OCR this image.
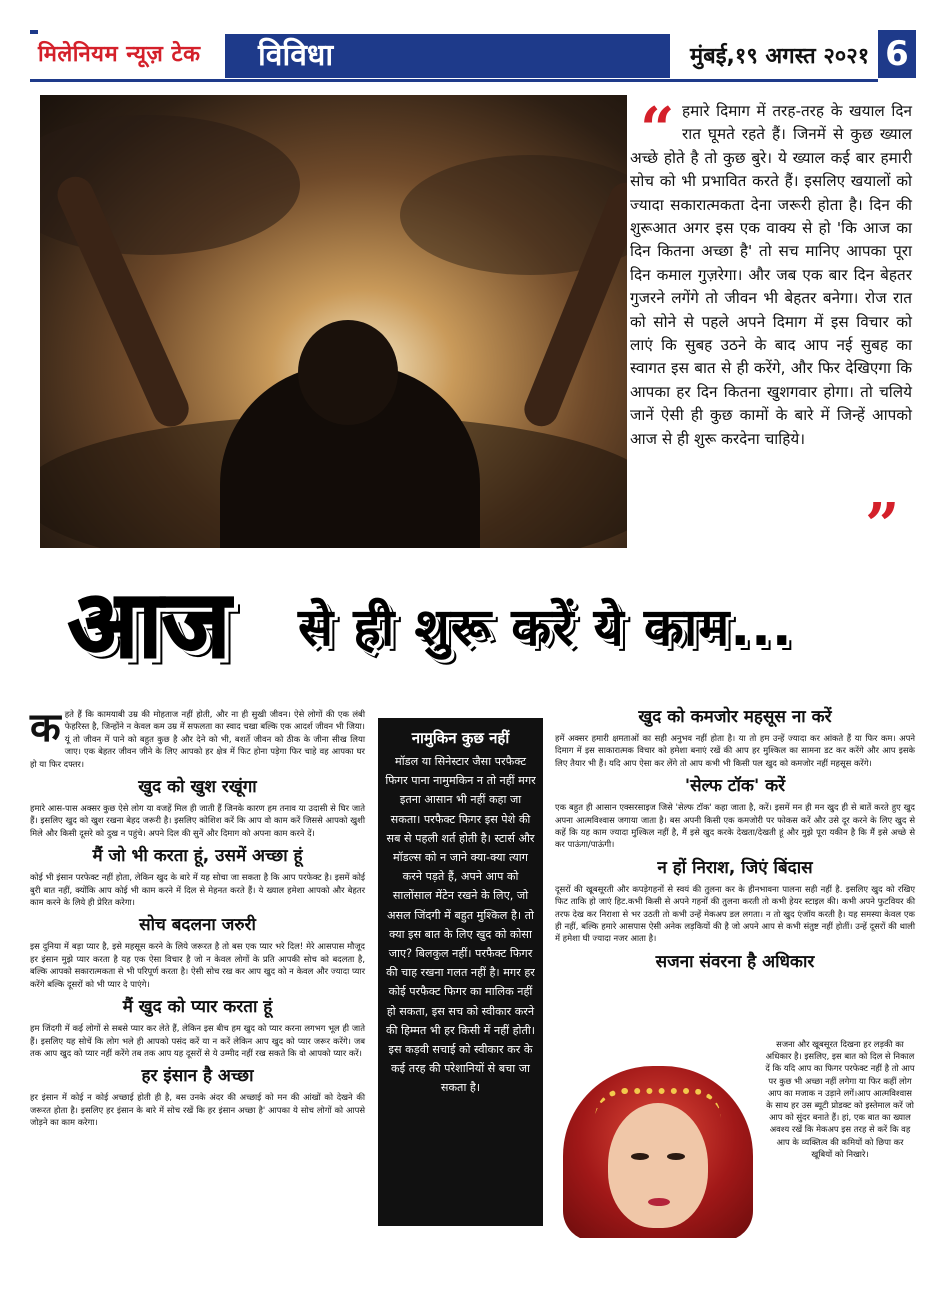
मिलेनियम न्यूज़ टेक विविधा	मुंबई,१९ अगस्त २०२१ 6

हमारे दिमाग में तरह-तरह के खयाल दिन रात घूमते रहते हैं। जिनमें से कुछ ख्याल अच्छे होते है तो कुछ बुरे। ये ख्याल कई बार हमारी सोच को भी प्रभावित करते हैं। इसलिए खयालों को ज्यादा सकारात्मकता देना जरूरी होता है। दिन की शुरूआत अगर इस एक वाक्य से हो 'कि आज का दिन कितना अच्छा है' तो सच मानिए आपका पूरा दिन कमाल गुज़रेगा। और जब एक बार दिन बेहतर गुजरने लगेंगे तो जीवन भी बेहतर बनेगा। रोज रात को सोने से पहले अपने दिमाग में इस विचार को लाएं कि सुबह उठने के बाद आप नई सुबह का स्वागत इस बात से ही करेंगे, और फिर देखिएगा कि आपका हर दिन कितना खुशगवार होगा। तो चलिये जानें ऐसी ही कुछ कामों के बारे में जिन्हें आपको आज से ही शुरू करदेना चाहिये।

“
”
आज से ही शुरू करें ये काम...

कहते हैं कि कामयाबी उम्र की मोहताज नहीं होती, और ना ही सुखी जीवन। ऐसे लोगों की एक लंबी फेहरिस्त है, जिन्होंने न केवल कम उम्र में सफलता का स्वाद चखा बल्कि एक आदर्श जीवन भी जिया। यूं तो जीवन में पाने को बहुत कुछ है और देने को भी, बशर्ते जीवन को ठीक के जीना सीख लिया जाए। एक बेहतर जीवन जीने के लिए आपको हर क्षेत्र में फिट होना पड़ेगा फिर चाहे वह आपका घर हो या फिर दफ्तर।

खुद को खुश रखूंगा

हमारे आस-पास अक्सर कुछ ऐसे लोग या वजहें मिल ही जाती हैं जिनके कारण हम तनाव या उदासी से घिर जाते हैं। इसलिए खुद को खुश रखना बेहद जरूरी है। इसलिए कोशिश करें कि आप वो काम करें जिससे आपको खुशी मिले और किसी दूसरे को दुख न पहुंचे। अपने दिल की सुनें और दिमाग को अपना काम करने दें।

मैं जो भी करता हूं, उसमें अच्छा हूं

कोई भी इंसान परफेक्ट नहीं होता, लेकिन खुद के बारे में यह सोचा जा सकता है कि आप परफेक्ट है। इसमें कोई बुरी बात नहीं, क्योंकि आप कोई भी काम करने में दिल से मेहनत करते हैं। ये ख्याल हमेशा आपको और बेहतर काम करने के लिये ही प्रेरित करेगा।

सोच बदलना जरुरी

इस दुनिया में बड़ा प्यार है, इसे महसूस करने के लिये जरूरत है तो बस एक प्यार भरे दिल! मेरे आसपास मौजूद हर इंसान मुझे प्यार करता है यह एक ऐसा विचार है जो न केवल लोगों के प्रति आपकी सोच को बदलता है, बल्कि आपको सकारात्मकता से भी परिपूर्ण करता है। ऐसी सोच रख कर आप खुद को न केवल और ज्यादा प्यार करेंगे बल्कि दूसरों को भी प्यार दे पाएंगे।

मैं खुद को प्यार करता हूं

हम जिंदगी में कई लोगों से सबसे प्यार कर लेते हैं, लेकिन इस बीच हम खुद को प्यार करना लगभग भूल ही जाते हैं। इसलिए यह सोचें कि लोग भले ही आपको पसंद करें या न करें लेकिन आप खुद को प्यार जरूर करेंगे। जब तक आप खुद को प्यार नहीं करेंगे तब तक आप यह दूसरों से ये उम्मीद नहीं रख सकते कि वो आपको प्यार करें।

हर इंसान है अच्छा

हर इंसान में कोई न कोई अच्छाई होती ही है, बस उनके अंदर की अच्छाई को मन की आंखों को देखने की जरूरत होता है। इसलिए हर इंसान के बारे में सोच रखें कि हर इंसान अच्छा है' आपका ये सोच लोगों को आपसे जोड़ने का काम करेगा।

नामुकिन कुछ नहीं

मॉडल या सिनेस्टार जैसा परफैक्ट फिगर पाना नामुमकिन न तो नहीं मगर इतना आसान भी नहीं कहा जा सकता। परफैक्ट फिगर इस पेशे की सब से पहली शर्त होती है। स्टार्स और मॉडल्स को न जाने क्या-क्या त्याग करने पड़ते हैं, अपने आप को सालोंसाल मेंटेन रखने के लिए, जो असल जिंदगी में बहुत मुश्किल है। तो क्या इस बात के लिए खुद को कोसा जाए? बिलकुल नहीं। परफैक्ट फिगर की चाह रखना गलत नहीं है। मगर हर कोई परफैक्ट फिगर का मालिक नहीं हो सकता, इस सच को स्वीकार करने की हिम्मत भी हर किसी में नहीं होती। इस कड़वी सचाई को स्वीकार कर के कई तरह की परेशानियों से बचा जा सकता है।

खुद को कमजोर महसूस ना करें

हमें अक्सर हमारी क्षमताओं का सही अनुभव नहीं होता है। या तो हम उन्हें ज्यादा कर आंकते हैं या फिर कम। अपने दिमाग में इस साकारात्मक विचार को हमेशा बनाएं रखें की आप हर मुश्किल का सामना डट कर करेंगे और आप इसके लिए तैयार भी हैं। यदि आप ऐसा कर लेंगे तो आप कभी भी किसी पल खुद को कमजोर नहीं महसूस करेंगे।

'सेल्फ टॉक' करें

एक बहुत ही आसान एक्सरसाइज जिसे 'सेल्फ टॉक' कहा जाता है, करें। इसमें मन ही मन खुद ही से बातें करते हुए खुद अपना आत्मविश्वास जगाया जाता है। बस अपनी किसी एक कमजोरी पर फोकस करें और उसे दूर करने के लिए खुद से कहें कि यह काम ज्यादा मुश्किल नहीं है, मैं इसे खुद करके देखता/देखती हूं और मुझे पूरा यकीन है कि मैं इसे अच्छे से कर पाऊंगा/पाऊंगी।

न हों निराश, जिएं बिंदास

दूसरों की खूबसूरती और कपड़ेगहनों से स्वयं की तुलना कर के हीनभावना पालना सही नहीं है. इसलिए खुद को रखिए फिट ताकि हो जाएं हिट.कभी किसी से अपने गहनों की तुलना करती तो कभी हेयर स्टाइल की। कभी अपने फुटवियर की तरफ देख कर निराशा से भर उठती तो कभी उन्हें मेकअप डल लगता। न तो खुद एंजॉय करती है। यह समस्या केवल एक ही नहीं, बल्कि हमारे आसपास ऐसी अनेक लड़कियों की है जो अपने आप से कभी संतुष्ट नहीं होतीं। उन्हें दूसरों की थाली में हमेशा घी ज्यादा नजर आता है।

सजना संवरना है अधिकार

सजना और खूबसूरत दिखना हर लड़की का अधिकार है। इसलिए, इस बात को दिल से निकाल दें कि यदि आप का फिगर परफेक्ट नहीं है तो आप पर कुछ भी अच्छा नहीं लगेगा या फिर कहीं लोग आप का मजाक न उड़ाने लगें।आप आत्मविश्वास के साथ हर उस ब्यूटी प्रोडक्ट को इस्तेमाल करें जो आप को सुंदर बनाते हैं। हां, एक बात का ख्याल अवश्य रखें कि मेकअप इस तरह से करें कि वह आप के व्यक्तित्व की कमियों को छिपा कर खूबियों को निखारे।
